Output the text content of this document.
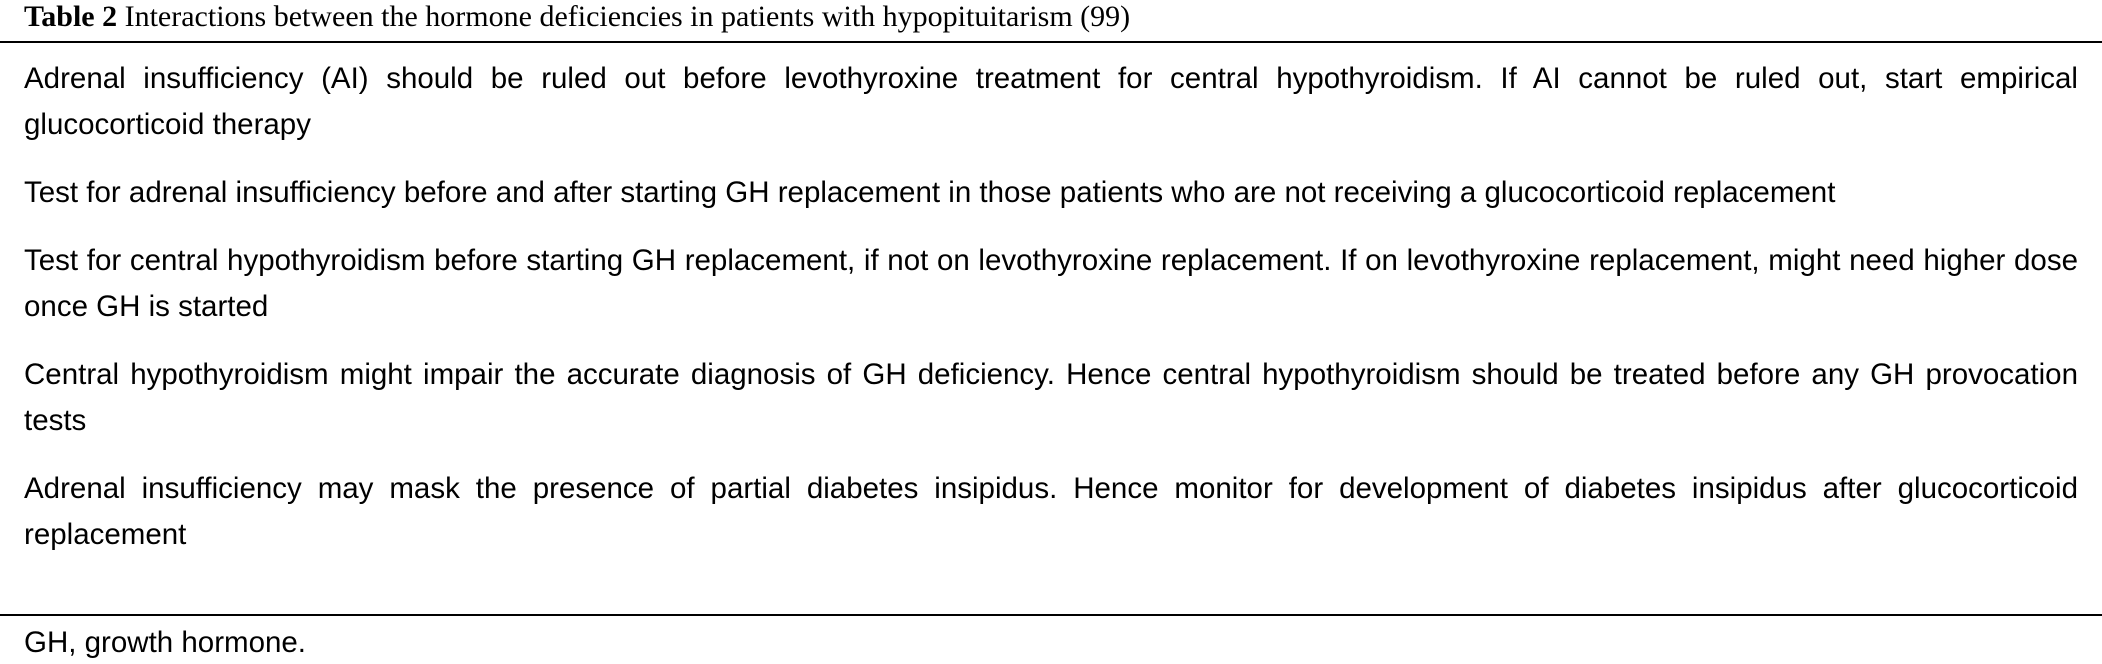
Table 2 Interactions between the hormone deficiencies in patients with hypopituitarism (99)
Adrenal insufficiency (AI) should be ruled out before levothyroxine treatment for central hypothyroidism. If AI cannot be ruled out, start empirical glucocorticoid therapy
Test for adrenal insufficiency before and after starting GH replacement in those patients who are not receiving a glucocorticoid replacement
Test for central hypothyroidism before starting GH replacement, if not on levothyroxine replacement. If on levothyroxine replacement, might need higher dose once GH is started
Central hypothyroidism might impair the accurate diagnosis of GH deficiency. Hence central hypothyroidism should be treated before any GH provocation tests
Adrenal insufficiency may mask the presence of partial diabetes insipidus. Hence monitor for development of diabetes insipidus after glucocorticoid replacement
GH, growth hormone.
